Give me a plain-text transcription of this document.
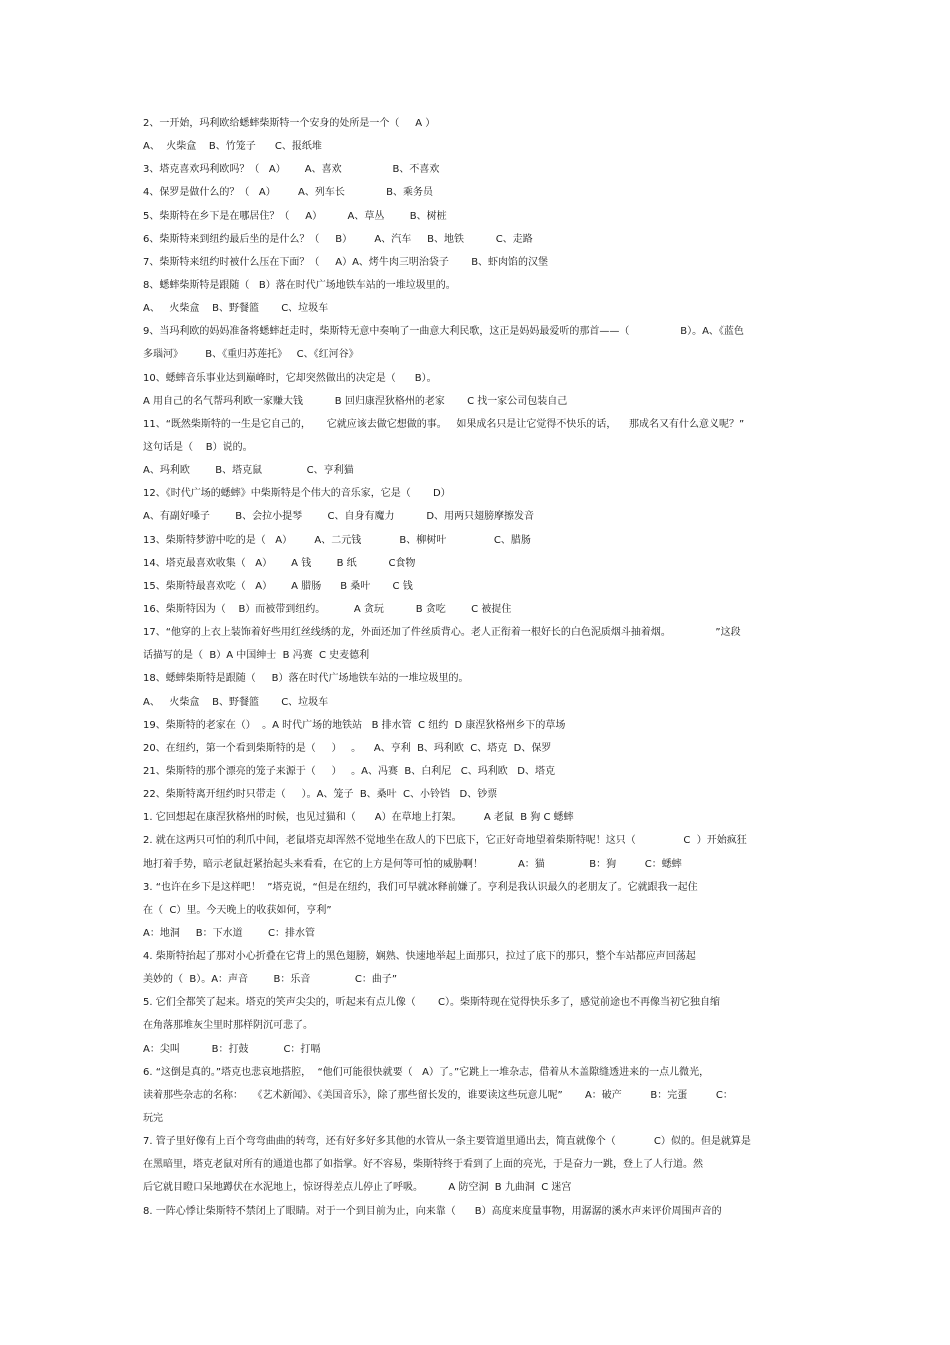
2、一开始，玛利欧给蟋蟀柴斯特一个安身的处所是一个（     A ）
A、  火柴盒    B、竹笼子      C、报纸堆
3、塔克喜欢玛利欧吗？（   A）      A、喜欢                B、不喜欢
4、保罗是做什么的？（   A）       A、列车长             B、乘务员
5、柴斯特在乡下是在哪居住？（     A）        A、草丛        B、树桩
6、柴斯特来到纽约最后坐的是什么？（     B）       A、汽车     B、地铁          C、走路
7、柴斯特来纽约时被什么压在下面？（     A）A、烤牛肉三明治袋子       B、虾肉馅的汉堡
8、蟋蟀柴斯特是跟随（   B）落在时代广场地铁车站的一堆垃圾里的。
A、   火柴盒    B、野餐篮       C、垃圾车
9、当玛利欧的妈妈准备将蟋蟀赶走时，柴斯特无意中奏响了一曲意大利民歌，这正是妈妈最爱听的那首——（                B）。A、《蓝色
多瑙河》       B、《重归苏莲托》   C、《红河谷》
10、蟋蟀音乐事业达到巅峰时，它却突然做出的决定是（      B）。
A 用自己的名气帮玛利欧一家赚大钱          B 回归康涅狄格州的老家       C 找一家公司包装自己
11、“既然柴斯特的一生是它自己的，     它就应该去做它想做的事。   如果成名只是让它觉得不快乐的话，    那成名又有什么意义呢？”
这句话是（    B）说的。
A、玛利欧        B、塔克鼠              C、亨利猫
12、《时代广场的蟋蟀》中柴斯特是个伟大的音乐家，它是（       D）
A、有副好嗓子        B、会拉小提琴        C、自身有魔力          D、用两只翅膀摩擦发音
13、柴斯特梦游中吃的是（   A）       A、二元钱            B、柳树叶               C、腊肠
14、塔克最喜欢收集（   A）      A 钱        B 纸          C食物
15、柴斯特最喜欢吃（   A）      A 腊肠      B 桑叶       C 钱
16、柴斯特因为（    B）而被带到纽约。         A 贪玩          B 贪吃        C 被捉住
17、“他穿的上衣上装饰着好些用红丝线绣的龙，外面还加了件丝质背心。老人正衔着一根好长的白色泥质烟斗抽着烟。              ”这段
话描写的是（  B）A 中国绅士  B 冯赛  C 史麦德利
18、蟋蟀柴斯特是跟随（     B）落在时代广场地铁车站的一堆垃圾里的。
A、   火柴盒    B、野餐篮       C、垃圾车
19、柴斯特的老家在（）  。A 时代广场的地铁站   B 排水管  C 纽约  D 康涅狄格州乡下的草场
20、在纽约，第一个看到柴斯特的是（     ）   。    A、亨利  B、玛利欧  C、塔克  D、保罗
21、柴斯特的那个漂亮的笼子来源于（     ）   。A、冯赛  B、白利尼   C、玛利欧   D、塔克
22、柴斯特离开纽约时只带走（     ）。A、笼子  B、桑叶  C、小铃铛   D、钞票
1. 它回想起在康涅狄格州的时候，也见过猫和（      A）在草地上打架。       A 老鼠  B 狗 C 蟋蟀
2. 就在这两只可怕的利爪中间，老鼠塔克却浑然不觉地坐在敌人的下巴底下，它正好奇地望着柴斯特呢！这只（               C  ）开始疯狂
地打着手势，暗示老鼠赶紧抬起头来看看，在它的上方是何等可怕的威胁啊！           A：猫              B：狗         C：蟋蟀
3. “也许在乡下是这样吧！  ”塔克说，“但是在纽约，我们可早就冰释前嫌了。亨利是我认识最久的老朋友了。它就跟我一起住
在（  C）里。今天晚上的收获如何，亨利”
A：地洞     B：下水道        C：排水管
4. 柴斯特抬起了那对小心折叠在它背上的黑色翅膀，娴熟、快速地举起上面那只，拉过了底下的那只，整个车站都应声回荡起
美妙的（  B）。A：声音        B：乐音              C：曲子”
5. 它们全都笑了起来。塔克的笑声尖尖的，听起来有点儿像（       C）。柴斯特现在觉得快乐多了，感觉前途也不再像当初它独自缩
在角落那堆灰尘里时那样阴沉可悲了。
A：尖叫          B：打鼓           C：打嗝
6. “这倒是真的。”塔克也悲哀地搭腔，  “他们可能很快就要（   A）了。”它跳上一堆杂志，借着从木盖隙缝透进来的一点儿微光，
读着那些杂志的名称：   《艺术新闻》、《美国音乐》，除了那些留长发的，谁要读这些玩意儿呢”       A：破产         B：完蛋         C：
玩完
7. 管子里好像有上百个弯弯曲曲的转弯，还有好多好多其他的水管从一条主要管道里通出去，简直就像个（            C）似的。但是就算是
在黑暗里，塔克老鼠对所有的通道也都了如指掌。好不容易，柴斯特终于看到了上面的亮光，于是奋力一跳，登上了人行道。然
后它就目瞪口呆地蹲伏在水泥地上，惊讶得差点儿停止了呼吸。        A 防空洞  B 九曲洞  C 迷宫
8. 一阵心悸让柴斯特不禁闭上了眼睛。对于一个到目前为止，向来靠（      B）高度来度量事物，用潺潺的溪水声来评价周围声音的
